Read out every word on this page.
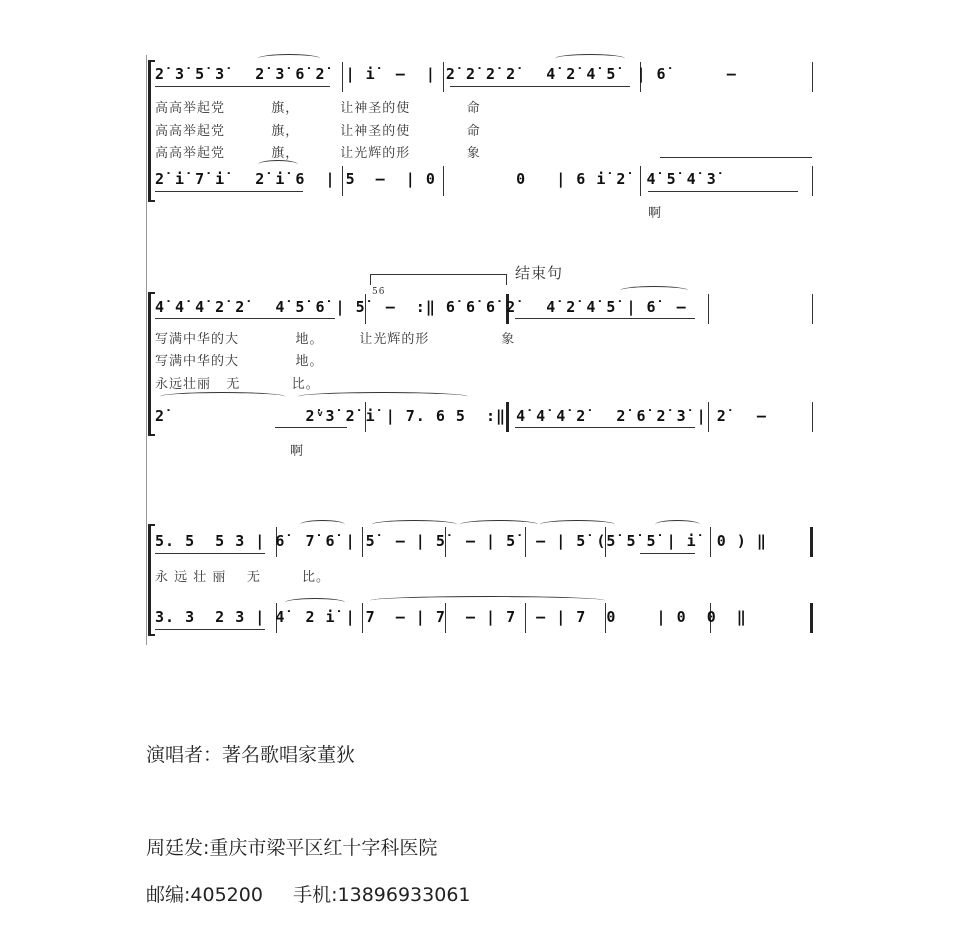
2̇ 3̇ 5̇ 3̇   2̇ 3̇ 6̇ 2̇  | i̇  –  | 2̇ 2̇ 2̇ 2̇   4̇ 2̇ 4̇ 5̇  | 6̇      –
高高举起党         旗，        让神圣的使           命
高高举起党         旗，        让神圣的使           命
高高举起党         旗，        让光辉的形           象
2̇ i̇ 7̇ i̇   2̇ i̇ 6  | 5  –  | 0        0   | 6 i̇ 2̇  4̇ 5̇ 4̇ 3̇
啊
结束句
5̇6̇
4̇ 4̇ 4̇ 2̇ 2̇   4̇ 5̇ 6̇ | 5̇  –  :‖ 6̇ 6̇ 6̇ 2̇   4̇ 2̇ 4̇ 5̇ | 6̇  –
写满中华的大           地。       让光辉的形              象
写满中华的大           地。
永远壮丽   无          比。
2̇              2̇ᵛ3̇ 2̇ i̇ | 7. 6 5  :‖ 4̇ 4̇ 4̇ 2̇   2̇ 6̇ 2̇ 3̇ | 2̇   –
啊
5. 5  5 3 | 6̇  7̇ 6̇ | 5̇  – | 5̇  – | 5̇  – | 5̇ (5̇ 5̇ 5̇ | i̇  0 ) ‖
永 远 壮 丽    无        比。
3. 3  2 3 | 4̇  2 i̇ | 7  – | 7  – | 7  – | 7  0    | 0  0  ‖
演唱者：著名歌唱家董狄
周廷发:重庆市梁平区红十字科医院
邮编:405200     手机:13896933061
